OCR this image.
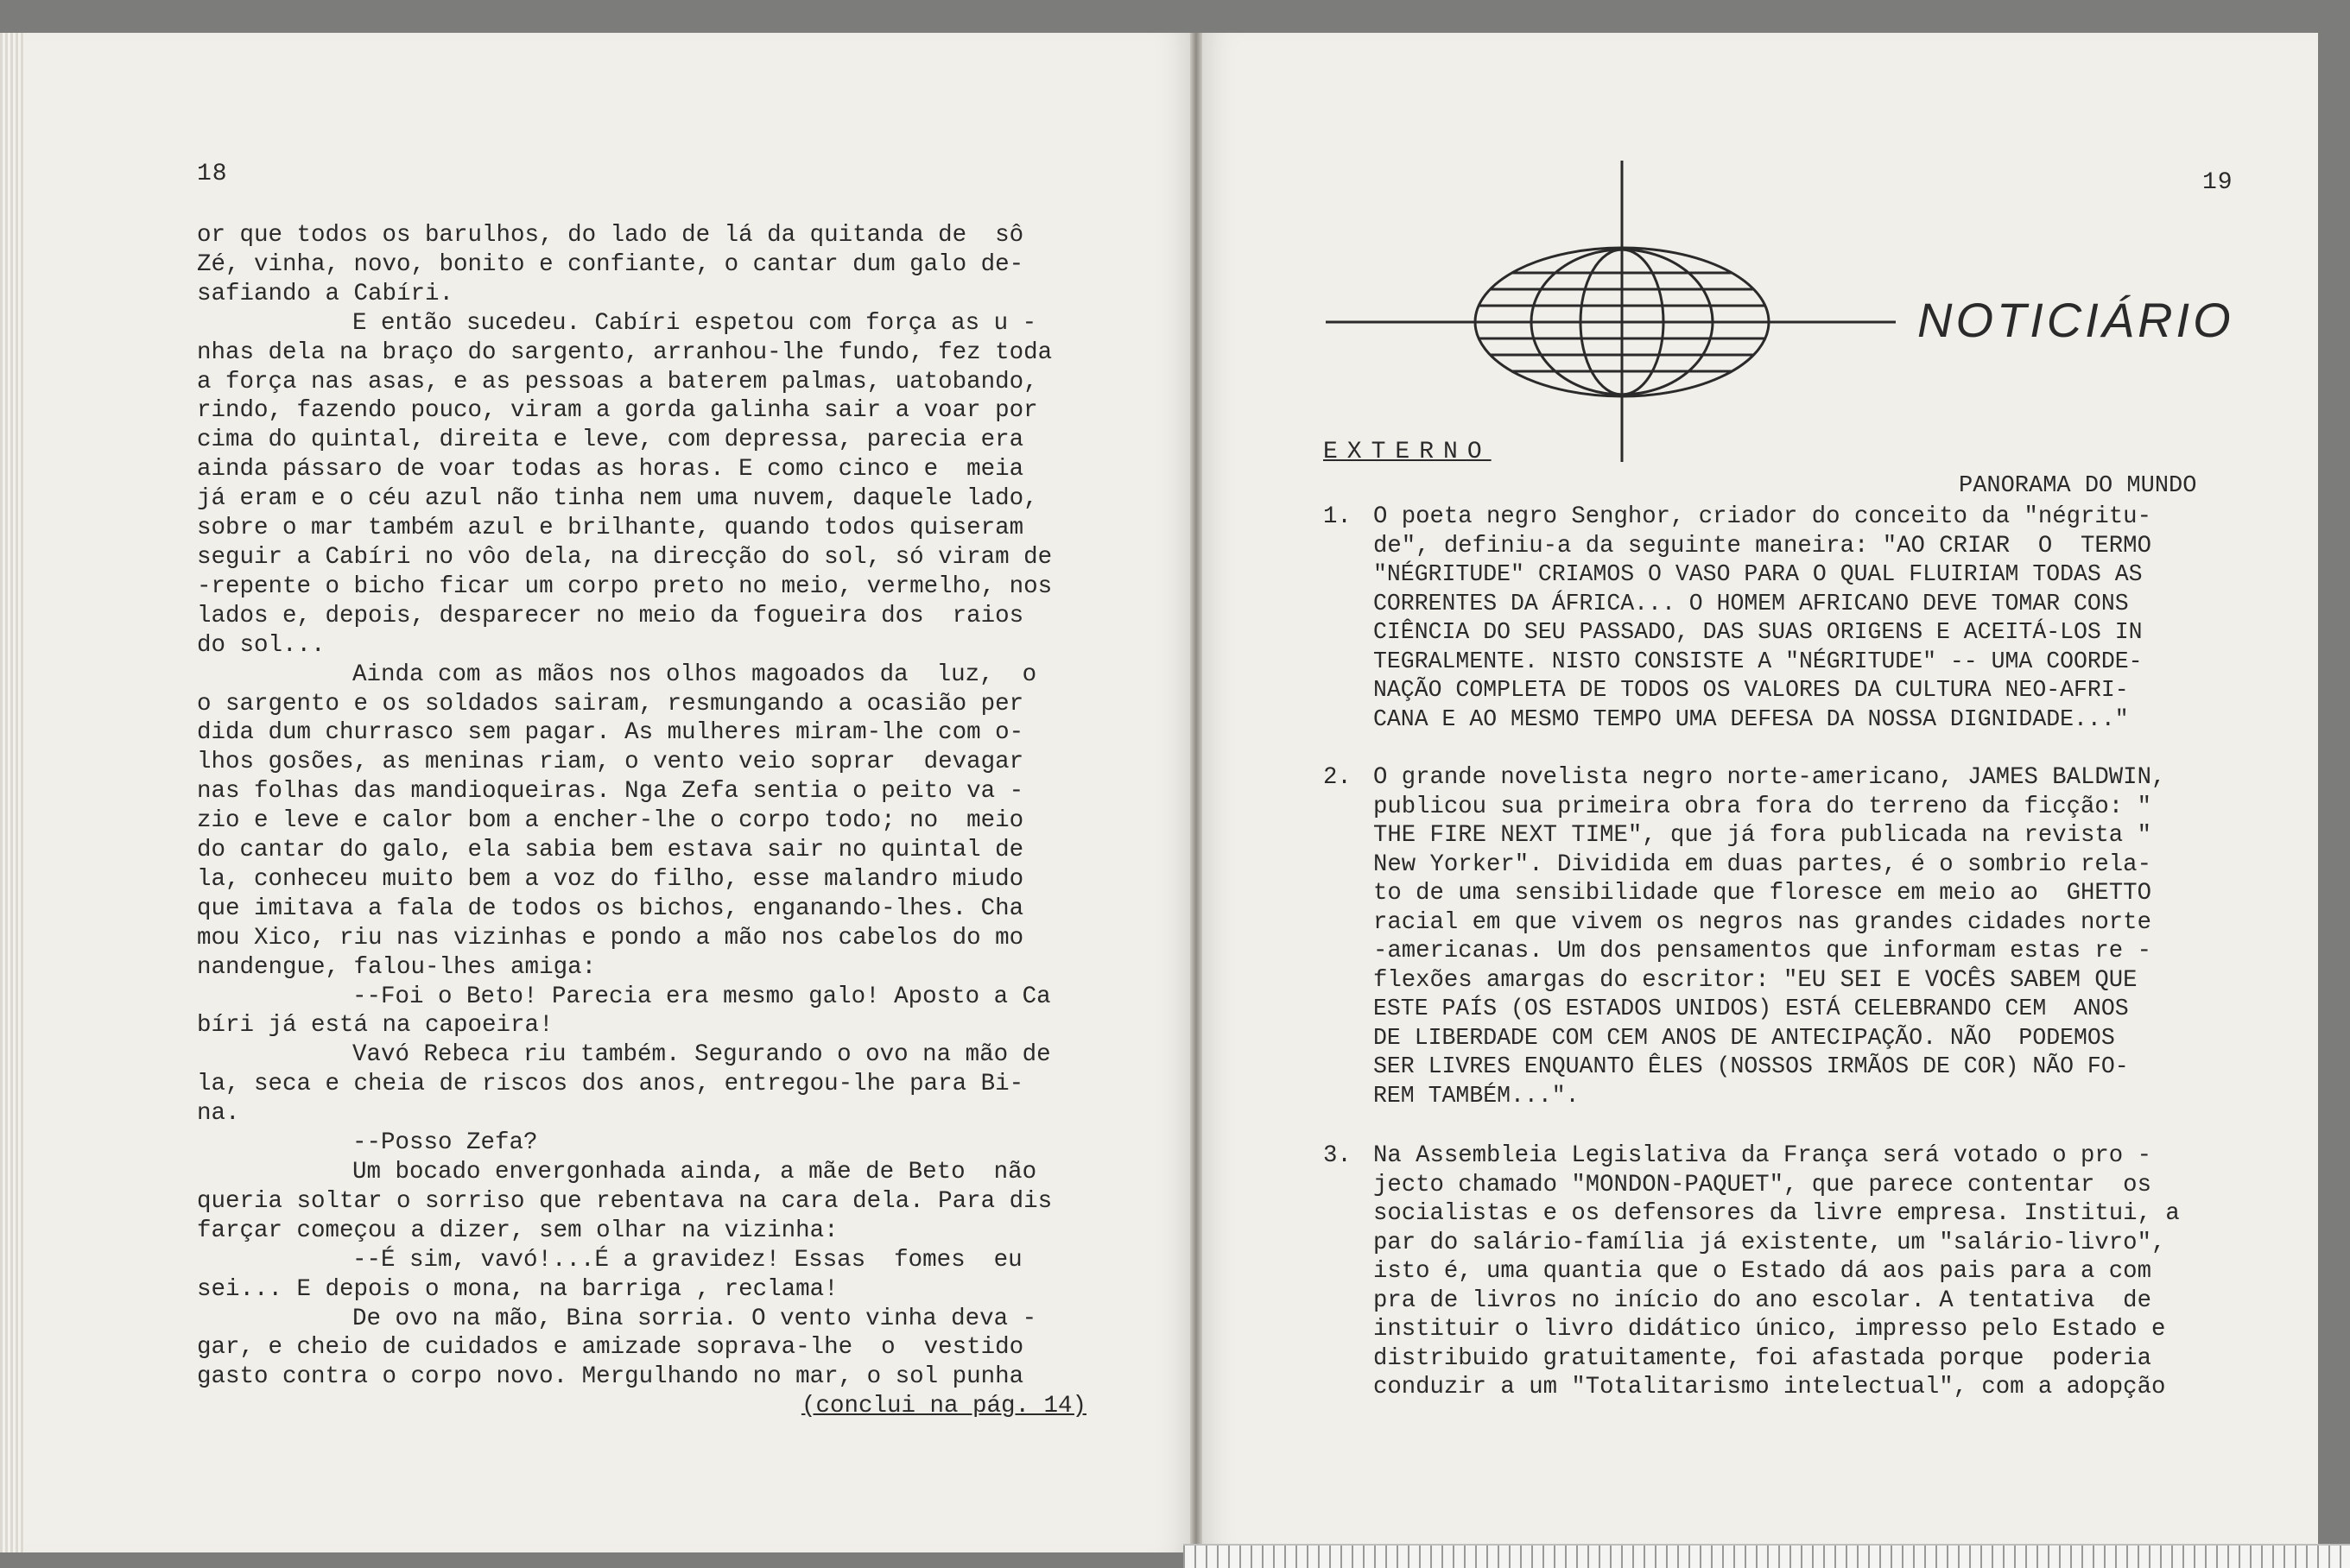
18
or que todos os barulhos, do lado de lá da quitanda de  sô
Zé, vinha, novo, bonito e confiante, o cantar dum galo de-
safiando a Cabíri.
E então sucedeu. Cabíri espetou com força as u -
nhas dela na braço do sargento, arranhou-lhe fundo, fez toda
a força nas asas, e as pessoas a baterem palmas, uatobando,
rindo, fazendo pouco, viram a gorda galinha sair a voar por
cima do quintal, direita e leve, com depressa, parecia era
ainda pássaro de voar todas as horas. E como cinco e  meia
já eram e o céu azul não tinha nem uma nuvem, daquele lado,
sobre o mar também azul e brilhante, quando todos quiseram
seguir a Cabíri no vôo dela, na direcção do sol, só viram de
-repente o bicho ficar um corpo preto no meio, vermelho, nos
lados e, depois, desparecer no meio da fogueira dos  raios
do sol...
Ainda com as mãos nos olhos magoados da  luz,  o
o sargento e os soldados sairam, resmungando a ocasião per
dida dum churrasco sem pagar. As mulheres miram-lhe com o-
lhos gosões, as meninas riam, o vento veio soprar  devagar
nas folhas das mandioqueiras. Nga Zefa sentia o peito va -
zio e leve e calor bom a encher-lhe o corpo todo; no  meio
do cantar do galo, ela sabia bem estava sair no quintal de
la, conheceu muito bem a voz do filho, esse malandro miudo
que imitava a fala de todos os bichos, enganando-lhes. Cha
mou Xico, riu nas vizinhas e pondo a mão nos cabelos do mo
nandengue, falou-lhes amiga:
--Foi o Beto! Parecia era mesmo galo! Aposto a Ca
bíri já está na capoeira!
Vavó Rebeca riu também. Segurando o ovo na mão de
la, seca e cheia de riscos dos anos, entregou-lhe para Bi-
na.
--Posso Zefa?
Um bocado envergonhada ainda, a mãe de Beto  não
queria soltar o sorriso que rebentava na cara dela. Para dis
farçar começou a dizer, sem olhar na vizinha:
--É sim, vavó!...É a gravidez! Essas  fomes  eu
sei... E depois o mona, na barriga , reclama!
De ovo na mão, Bina sorria. O vento vinha deva -
gar, e cheio de cuidados e amizade soprava-lhe  o  vestido
gasto contra o corpo novo. Mergulhando no mar, o sol punha
(conclui na pág. 14)
19
NOTICIÁRIO
EXTERNO
PANORAMA DO MUNDO
1. O poeta negro Senghor, criador do conceito da "négritu-
de", definiu-a da seguinte maneira: "AO CRIAR  O  TERMO
"NÉGRITUDE" CRIAMOS O VASO PARA O QUAL FLUIRIAM TODAS AS
CORRENTES DA ÁFRICA... O HOMEM AFRICANO DEVE TOMAR CONS
CIÊNCIA DO SEU PASSADO, DAS SUAS ORIGENS E ACEITÁ-LOS IN
TEGRALMENTE. NISTO CONSISTE A "NÉGRITUDE" -- UMA COORDE-
NAÇÃO COMPLETA DE TODOS OS VALORES DA CULTURA NEO-AFRI-
CANA E AO MESMO TEMPO UMA DEFESA DA NOSSA DIGNIDADE..."
2. O grande novelista negro norte-americano, JAMES BALDWIN,
publicou sua primeira obra fora do terreno da ficção: "
THE FIRE NEXT TIME", que já fora publicada na revista "
New Yorker". Dividida em duas partes, é o sombrio rela-
to de uma sensibilidade que floresce em meio ao  GHETTO
racial em que vivem os negros nas grandes cidades norte
-americanas. Um dos pensamentos que informam estas re -
flexões amargas do escritor: "EU SEI E VOCÊS SABEM QUE
ESTE PAÍS (OS ESTADOS UNIDOS) ESTÁ CELEBRANDO CEM  ANOS
DE LIBERDADE COM CEM ANOS DE ANTECIPAÇÃO. NÃO  PODEMOS
SER LIVRES ENQUANTO ÊLES (NOSSOS IRMÃOS DE COR) NÃO FO-
REM TAMBÉM...".
3. Na Assembleia Legislativa da França será votado o pro -
jecto chamado "MONDON-PAQUET", que parece contentar  os
socialistas e os defensores da livre empresa. Institui, a
par do salário-família já existente, um "salário-livro",
isto é, uma quantia que o Estado dá aos pais para a com
pra de livros no início do ano escolar. A tentativa  de
instituir o livro didático único, impresso pelo Estado e
distribuido gratuitamente, foi afastada porque  poderia
conduzir a um "Totalitarismo intelectual", com a adopção
